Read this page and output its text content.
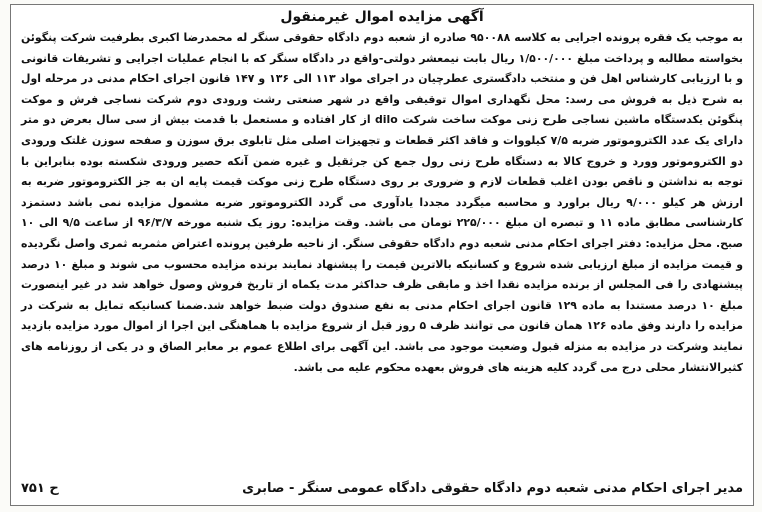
آگهی مزایده اموال غیرمنقول

به موجب یک فقره پرونده اجرایی به کلاسه ۹۵۰۰۸۸ صادره از شعبه دوم دادگاه حقوقی سنگر له محمدرضا اکبری بطرفیت شرکت پنگوئن بخواسته مطالبه و پرداخت مبلغ ۱/۵۰۰/۰۰۰ ریال بابت نیمعشر دولتی-واقع در دادگاه سنگر که با انجام عملیات اجرایی و تشریفات قانونی و با ارزیابی کارشناس اهل فن و منتخب دادگستری عطرچیان در اجرای مواد ۱۱۳ الی ۱۳۶ و ۱۴۷ قانون اجرای احکام مدنی در مرحله اول به شرح ذیل به فروش می رسد: محل نگهداری اموال توقیفی واقع در شهر صنعتی رشت ورودی دوم شرکت نساجی فرش و موکت پنگوئن یکدستگاه ماشین نساجی طرح زنی موکت ساخت شرکت dilo از کار افتاده و مستعمل با قدمت بیش از سی سال بعرض دو متر دارای یک عدد الکتروموتور ضربه ۷/۵ کیلووات و فاقد اکثر قطعات و تجهیزات اصلی مثل تابلوی برق سوزن و صفحه سوزن غلتک ورودی دو الکتروموتور وورد و خروج کالا به دستگاه طرح زنی رول جمع کن جرثقیل و غیره ضمن آنکه حصیر ورودی شکسته بوده بنابراین با توجه به نداشتن و ناقص بودن اغلب قطعات لازم و ضروری بر روی دستگاه طرح زنی موکت قیمت پایه ان به جز الکتروموتور ضربه به ارزش هر کیلو ۹/۰۰۰ ریال براورد و محاسبه میگردد مجددا یادآوری می گردد الکتروموتور ضربه مشمول مزایده نمی باشد دستمزد کارشناسی مطابق ماده ۱۱ و تبصره ان مبلغ ۲۲۵/۰۰۰ تومان می باشد. وقت مزایده: روز یک شنبه مورخه ۹۶/۳/۷ از ساعت ۹/۵ الی ۱۰ صبح. محل مزایده: دفتر اجرای احکام مدنی شعبه دوم دادگاه حقوقی سنگر. از ناحیه طرفین پرونده اعتراض مثمربه ثمری واصل نگردیده و قیمت مزایده از مبلغ ارزیابی شده شروع و کسانیکه بالاترین قیمت را پیشنهاد نمایند برنده مزایده محسوب می شوند و مبلغ ۱۰ درصد پیشنهادی را فی المجلس از برنده مزایده نقدا اخذ و مابقی ظرف حداکثر مدت یکماه از تاریخ فروش وصول خواهد شد در غیر اینصورت مبلغ ۱۰ درصد مستندا به ماده ۱۲۹ قانون اجرای احکام مدنی به نفع صندوق دولت ضبط خواهد شد.ضمنا کسانیکه تمایل به شرکت در مزایده را دارند وفق ماده ۱۲۶ همان قانون می توانند ظرف ۵ روز قبل از شروع مزایده با هماهنگی این اجرا از اموال مورد مزایده بازدید نمایند وشرکت در مزایده به منزله قبول وضعیت موجود می باشد. این آگهی برای اطلاع عموم بر معابر الصاق و در یکی از روزنامه های کثیرالانتشار محلی درج می گردد کلیه هزینه های فروش بعهده محکوم علیه می باشد.

مدیر اجرای احکام مدنی شعبه دوم دادگاه حقوقی دادگاه عمومی سنگر - صابری
ح ۷۵۱
